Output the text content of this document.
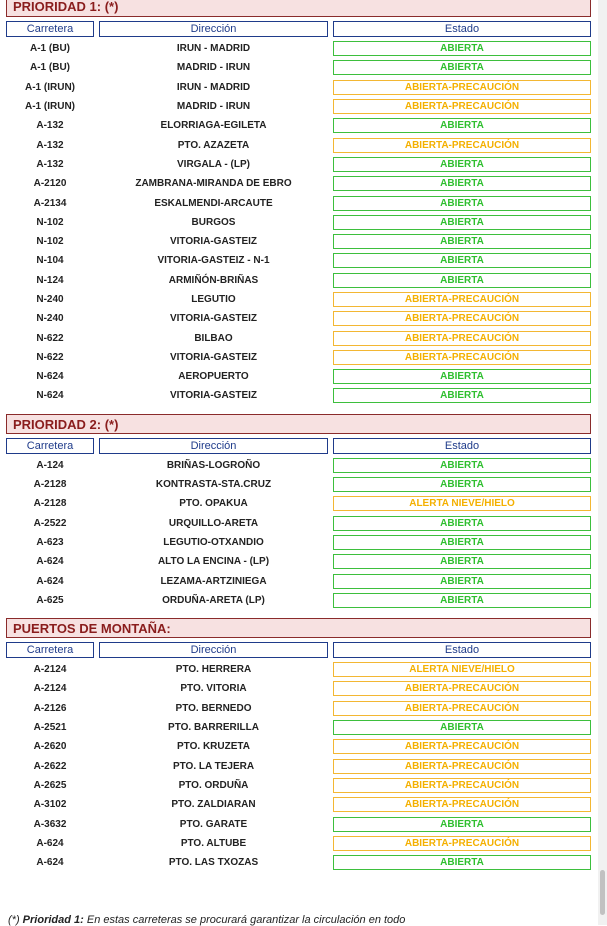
PRIORIDAD 1: (*)
Carretera	Dirección	Estado
A-1 (BU)	IRUN - MADRID	ABIERTA
A-1 (BU)	MADRID - IRUN	ABIERTA
A-1 (IRUN)	IRUN - MADRID	ABIERTA-PRECAUCIÓN
A-1 (IRUN)	MADRID - IRUN	ABIERTA-PRECAUCIÓN
A-132	ELORRIAGA-EGILETA	ABIERTA
A-132	PTO. AZAZETA	ABIERTA-PRECAUCIÓN
A-132	VIRGALA - (LP)	ABIERTA
A-2120	ZAMBRANA-MIRANDA DE EBRO	ABIERTA
A-2134	ESKALMENDI-ARCAUTE	ABIERTA
N-102	BURGOS	ABIERTA
N-102	VITORIA-GASTEIZ	ABIERTA
N-104	VITORIA-GASTEIZ - N-1	ABIERTA
N-124	ARMIÑÓN-BRIÑAS	ABIERTA
N-240	LEGUTIO	ABIERTA-PRECAUCIÓN
N-240	VITORIA-GASTEIZ	ABIERTA-PRECAUCIÓN
N-622	BILBAO	ABIERTA-PRECAUCIÓN
N-622	VITORIA-GASTEIZ	ABIERTA-PRECAUCIÓN
N-624	AEROPUERTO	ABIERTA
N-624	VITORIA-GASTEIZ	ABIERTA
PRIORIDAD 2: (*)
Carretera	Dirección	Estado
A-124	BRIÑAS-LOGROÑO	ABIERTA
A-2128	KONTRASTA-STA.CRUZ	ABIERTA
A-2128	PTO. OPAKUA	ALERTA NIEVE/HIELO
A-2522	URQUILLO-ARETA	ABIERTA
A-623	LEGUTIO-OTXANDIO	ABIERTA
A-624	ALTO LA ENCINA - (LP)	ABIERTA
A-624	LEZAMA-ARTZINIEGA	ABIERTA
A-625	ORDUÑA-ARETA (LP)	ABIERTA
PUERTOS DE MONTAÑA:
Carretera	Dirección	Estado
A-2124	PTO. HERRERA	ALERTA NIEVE/HIELO
A-2124	PTO. VITORIA	ABIERTA-PRECAUCIÓN
A-2126	PTO. BERNEDO	ABIERTA-PRECAUCIÓN
A-2521	PTO. BARRERILLA	ABIERTA
A-2620	PTO. KRUZETA	ABIERTA-PRECAUCIÓN
A-2622	PTO. LA TEJERA	ABIERTA-PRECAUCIÓN
A-2625	PTO. ORDUÑA	ABIERTA-PRECAUCIÓN
A-3102	PTO. ZALDIARAN	ABIERTA-PRECAUCIÓN
A-3632	PTO. GARATE	ABIERTA
A-624	PTO. ALTUBE	ABIERTA-PRECAUCIÓN
A-624	PTO. LAS TXOZAS	ABIERTA
(*) Prioridad 1: En estas carreteras se procurará garantizar la circulación en todo
